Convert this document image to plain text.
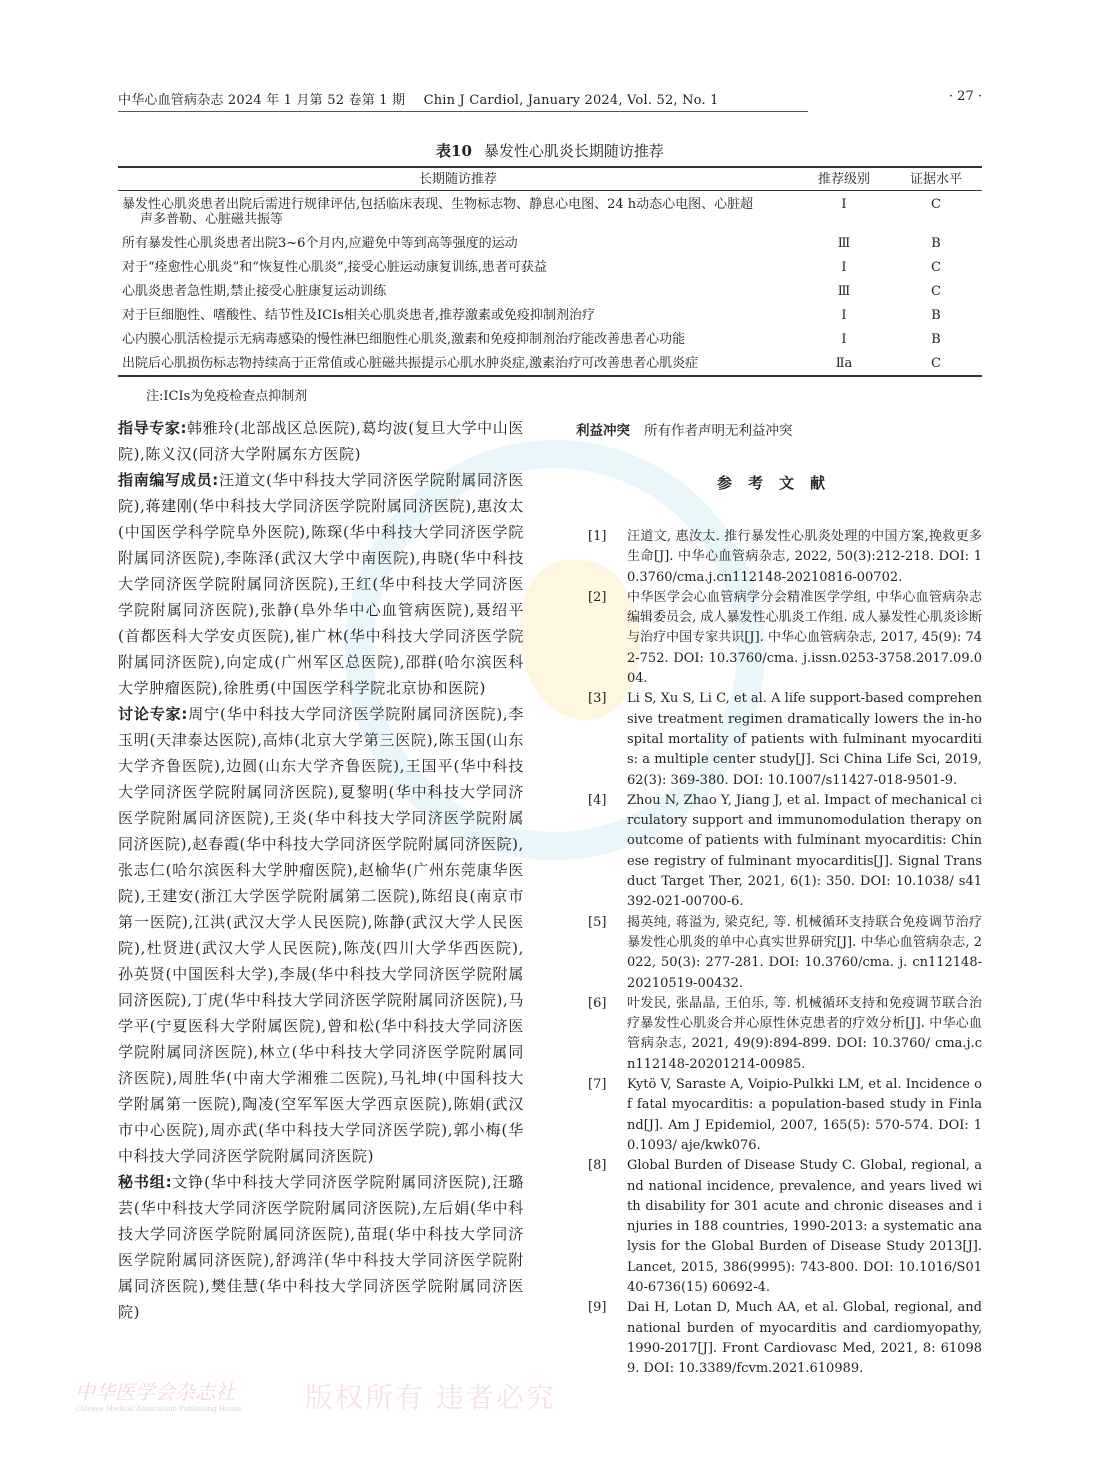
中华心血管病杂志 2024 年 1 月第 52 卷第 1 期 Chin J Cardiol, January 2024, Vol. 52, No. 1	· 27 ·
表10 暴发性心肌炎长期随访推荐
长期随访推荐	推荐级别	证据水平
暴发性心肌炎患者出院后需进行规律评估,包括临床表现、生物标志物、静息心电图、24 h动态心电图、心脏超
声多普勒、心脏磁共振等	Ⅰ	C
所有暴发性心肌炎患者出院3~6个月内,应避免中等到高等强度的运动	Ⅲ	B
对于“痊愈性心肌炎”和“恢复性心肌炎”,接受心脏运动康复训练,患者可获益	Ⅰ	C
心肌炎患者急性期,禁止接受心脏康复运动训练	Ⅲ	C
对于巨细胞性、嗜酸性、结节性及ICIs相关心肌炎患者,推荐激素或免疫抑制剂治疗	Ⅰ	B
心内膜心肌活检提示无病毒感染的慢性淋巴细胞性心肌炎,激素和免疫抑制剂治疗能改善患者心功能	Ⅰ	B
出院后心肌损伤标志物持续高于正常值或心脏磁共振提示心肌水肿炎症,激素治疗可改善患者心肌炎症	Ⅱa	C
注:ICIs为免疫检查点抑制剂

指导专家:韩雅玲(北部战区总医院),葛均波(复旦大学中山医院),陈义汉(同济大学附属东方医院)

指南编写成员:汪道文(华中科技大学同济医学院附属同济医院),蒋建刚(华中科技大学同济医学院附属同济医院),惠汝太(中国医学科学院阜外医院),陈琛(华中科技大学同济医学院附属同济医院),李陈泽(武汉大学中南医院),冉晓(华中科技大学同济医学院附属同济医院),王红(华中科技大学同济医学院附属同济医院),张静(阜外华中心血管病医院),聂绍平(首都医科大学安贞医院),崔广林(华中科技大学同济医学院附属同济医院),向定成(广州军区总医院),邵群(哈尔滨医科大学肿瘤医院),徐胜勇(中国医学科学院北京协和医院)

讨论专家:周宁(华中科技大学同济医学院附属同济医院),李玉明(天津泰达医院),高炜(北京大学第三医院),陈玉国(山东大学齐鲁医院),边圆(山东大学齐鲁医院),王国平(华中科技大学同济医学院附属同济医院),夏黎明(华中科技大学同济医学院附属同济医院),王炎(华中科技大学同济医学院附属同济医院),赵春霞(华中科技大学同济医学院附属同济医院),张志仁(哈尔滨医科大学肿瘤医院),赵榆华(广州东莞康华医院),王建安(浙江大学医学院附属第二医院),陈绍良(南京市第一医院),江洪(武汉大学人民医院),陈静(武汉大学人民医院),杜贤进(武汉大学人民医院),陈茂(四川大学华西医院),孙英贤(中国医科大学),李晟(华中科技大学同济医学院附属同济医院),丁虎(华中科技大学同济医学院附属同济医院),马学平(宁夏医科大学附属医院),曾和松(华中科技大学同济医学院附属同济医院),林立(华中科技大学同济医学院附属同济医院),周胜华(中南大学湘雅二医院),马礼坤(中国科技大学附属第一医院),陶凌(空军军医大学西京医院),陈娟(武汉市中心医院),周亦武(华中科技大学同济医学院),郭小梅(华中科技大学同济医学院附属同济医院)

秘书组:文铮(华中科技大学同济医学院附属同济医院),汪璐芸(华中科技大学同济医学院附属同济医院),左后娟(华中科技大学同济医学院附属同济医院),苗琨(华中科技大学同济医学院附属同济医院),舒鸿洋(华中科技大学同济医学院附属同济医院),樊佳慧(华中科技大学同济医学院附属同济医院)

利益冲突 所有作者声明无利益冲突
参考文献
[1]	汪道文, 惠汝太. 推行暴发性心肌炎处理的中国方案,挽救更多生命[J]. 中华心血管病杂志, 2022, 50(3):212-218. DOI: 10.3760/cma.j.cn112148-20210816-00702.
[2]	中华医学会心血管病学分会精准医学学组, 中华心血管病杂志编辑委员会, 成人暴发性心肌炎工作组. 成人暴发性心肌炎诊断与治疗中国专家共识[J]. 中华心血管病杂志, 2017, 45(9): 742-752. DOI: 10.3760/cma. j.issn.0253-3758.2017.09.004.
[3]	Li S, Xu S, Li C, et al. A life support-based comprehensive treatment regimen dramatically lowers the in-hospital mortality of patients with fulminant myocarditis: a multiple center study[J]. Sci China Life Sci, 2019, 62(3): 369-380. DOI: 10.1007/s11427-018-9501-9.
[4]	Zhou N, Zhao Y, Jiang J, et al. Impact of mechanical circulatory support and immunomodulation therapy on outcome of patients with fulminant myocarditis: Chinese registry of fulminant myocarditis[J]. Signal Transduct Target Ther, 2021, 6(1): 350. DOI: 10.1038/ s41392-021-00700-6.
[5]	揭英纯, 蒋溢为, 梁克纪, 等. 机械循环支持联合免疫调节治疗暴发性心肌炎的单中心真实世界研究[J]. 中华心血管病杂志, 2022, 50(3): 277-281. DOI: 10.3760/cma. j. cn112148-20210519-00432.
[6]	叶发民, 张晶晶, 王伯乐, 等. 机械循环支持和免疫调节联合治疗暴发性心肌炎合并心原性休克患者的疗效分析[J]. 中华心血管病杂志, 2021, 49(9):894-899. DOI: 10.3760/ cma.j.cn112148-20201214-00985.
[7]	Kytö V, Saraste A, Voipio-Pulkki LM, et al. Incidence of fatal myocarditis: a population-based study in Finland[J]. Am J Epidemiol, 2007, 165(5): 570-574. DOI: 10.1093/ aje/kwk076.
[8]	Global Burden of Disease Study C. Global, regional, and national incidence, prevalence, and years lived with disability for 301 acute and chronic diseases and injuries in 188 countries, 1990-2013: a systematic analysis for the Global Burden of Disease Study 2013[J]. Lancet, 2015, 386(9995): 743-800. DOI: 10.1016/S0140-6736(15) 60692-4.
[9]	Dai H, Lotan D, Much AA, et al. Global, regional, and national burden of myocarditis and cardiomyopathy, 1990-2017[J]. Front Cardiovasc Med, 2021, 8: 610989. DOI: 10.3389/fcvm.2021.610989.
中华医学会杂志社
Chinese Medical Association Publishing House 版权所有 违者必究
